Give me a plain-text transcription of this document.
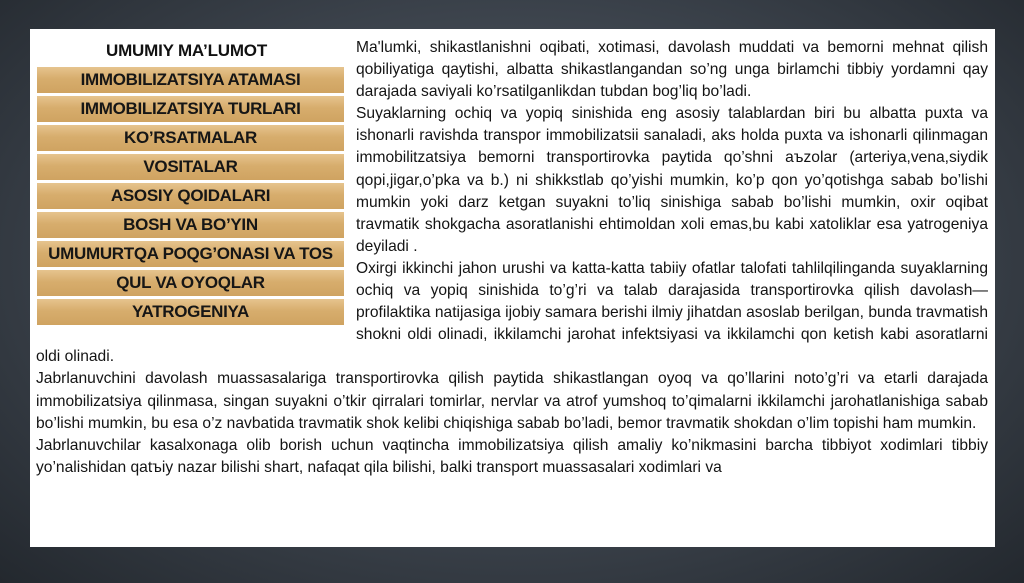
UMUMIY MA’LUMOT
IMMOBILIZATSIYA ATAMASI
IMMOBILIZATSIYA TURLARI
KO’RSATMALAR
VOSITALAR
ASOSIY QOIDALARI
BOSH VA BO’YIN
UMUMURTQA POQG’ONASI VA TOS
QUL VA OYOQLAR
YATROGENIYA
Ma'lumki, shikastlanishni oqibati, xotimasi, davolash muddati va bemorni mehnat qilish qobiliyatiga qaytishi, albatta shikastlangandan so’ng unga birlamchi tibbiy yordamni qay darajada saviyali ko’rsatilganlikdan tubdan bog’liq bo’ladi.
Suyaklarning ochiq va yopiq sinishida eng asosiy talablardan biri bu albatta puxta va ishonarli ravishda transpor immobilizatsii sanaladi, aks holda puxta va ishonarli qilinmagan immobilitzatsiya bemorni transportirovka paytida qo’shni aъzolar (arteriya,vena,siydik qopi,jigar,o’pka va b.) ni shikkstlab qo’yishi mumkin, ko’p qon yo’qotishga sabab bo’lishi mumkin yoki darz ketgan suyakni to’liq sinishiga sabab bo’lishi mumkin, oxir oqibat travmatik shokgacha asoratlanishi ehtimoldan xoli emas,bu kabi xatoliklar esa yatrogeniya deyiladi .
Oxirgi ikkinchi jahon urushi va katta-katta tabiiy ofatlar talofati tahlilqilinganda suyaklarning ochiq va yopiq sinishida to’g’ri va talab darajasida transportirovka qilish davolash—profilaktika natijasiga ijobiy samara berishi ilmiy jihatdan asoslab berilgan, bunda travmatish shokni oldi olinadi, ikkilamchi jarohat infektsiyasi va ikkilamchi qon ketish kabi asoratlarni oldi olinadi.
Jabrlanuvchini davolash muassasalariga transportirovka qilish paytida shikastlangan oyoq va qo’llarini noto’g’ri va etarli darajada immobilizatsiya qilinmasa, singan suyakni o’tkir qirralari tomirlar, nervlar va atrof yumshoq to’qimalarni ikkilamchi jarohatlanishiga sabab bo’lishi mumkin, bu esa o’z navbatida travmatik shok kelibi chiqishiga sabab bo’ladi, bemor travmatik shokdan o’lim topishi ham mumkin.
Jabrlanuvchilar kasalxonaga olib borish uchun vaqtincha immobilizatsiya qilish amaliy ko’nikmasini barcha tibbiyot xodimlari tibbiy yo’nalishidan qatъiy nazar bilishi shart, nafaqat qila bilishi, balki transport muassasalari xodimlari va
